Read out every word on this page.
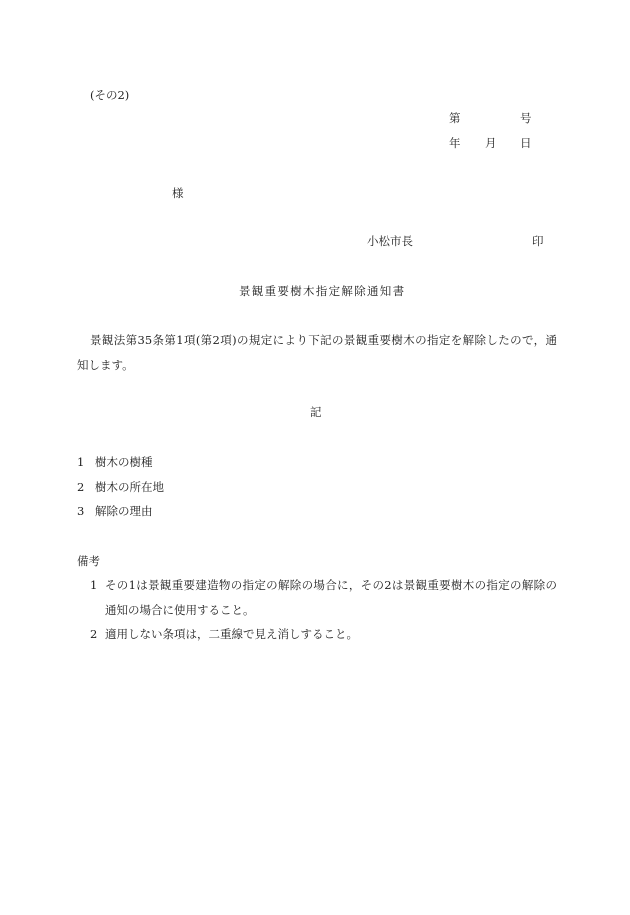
(その2)
第	号
年 月 日
様
小松市長	印
景観重要樹木指定解除通知書
景観法第35条第1項(第2項)の規定により下記の景観重要樹木の指定を解除したので，通
知します。
記
1 樹木の樹種
2 樹木の所在地
3 解除の理由
備考
1 その1は景観重要建造物の指定の解除の場合に，その2は景観重要樹木の指定の解除の
通知の場合に使用すること。
2 適用しない条項は，二重線で見え消しすること。
